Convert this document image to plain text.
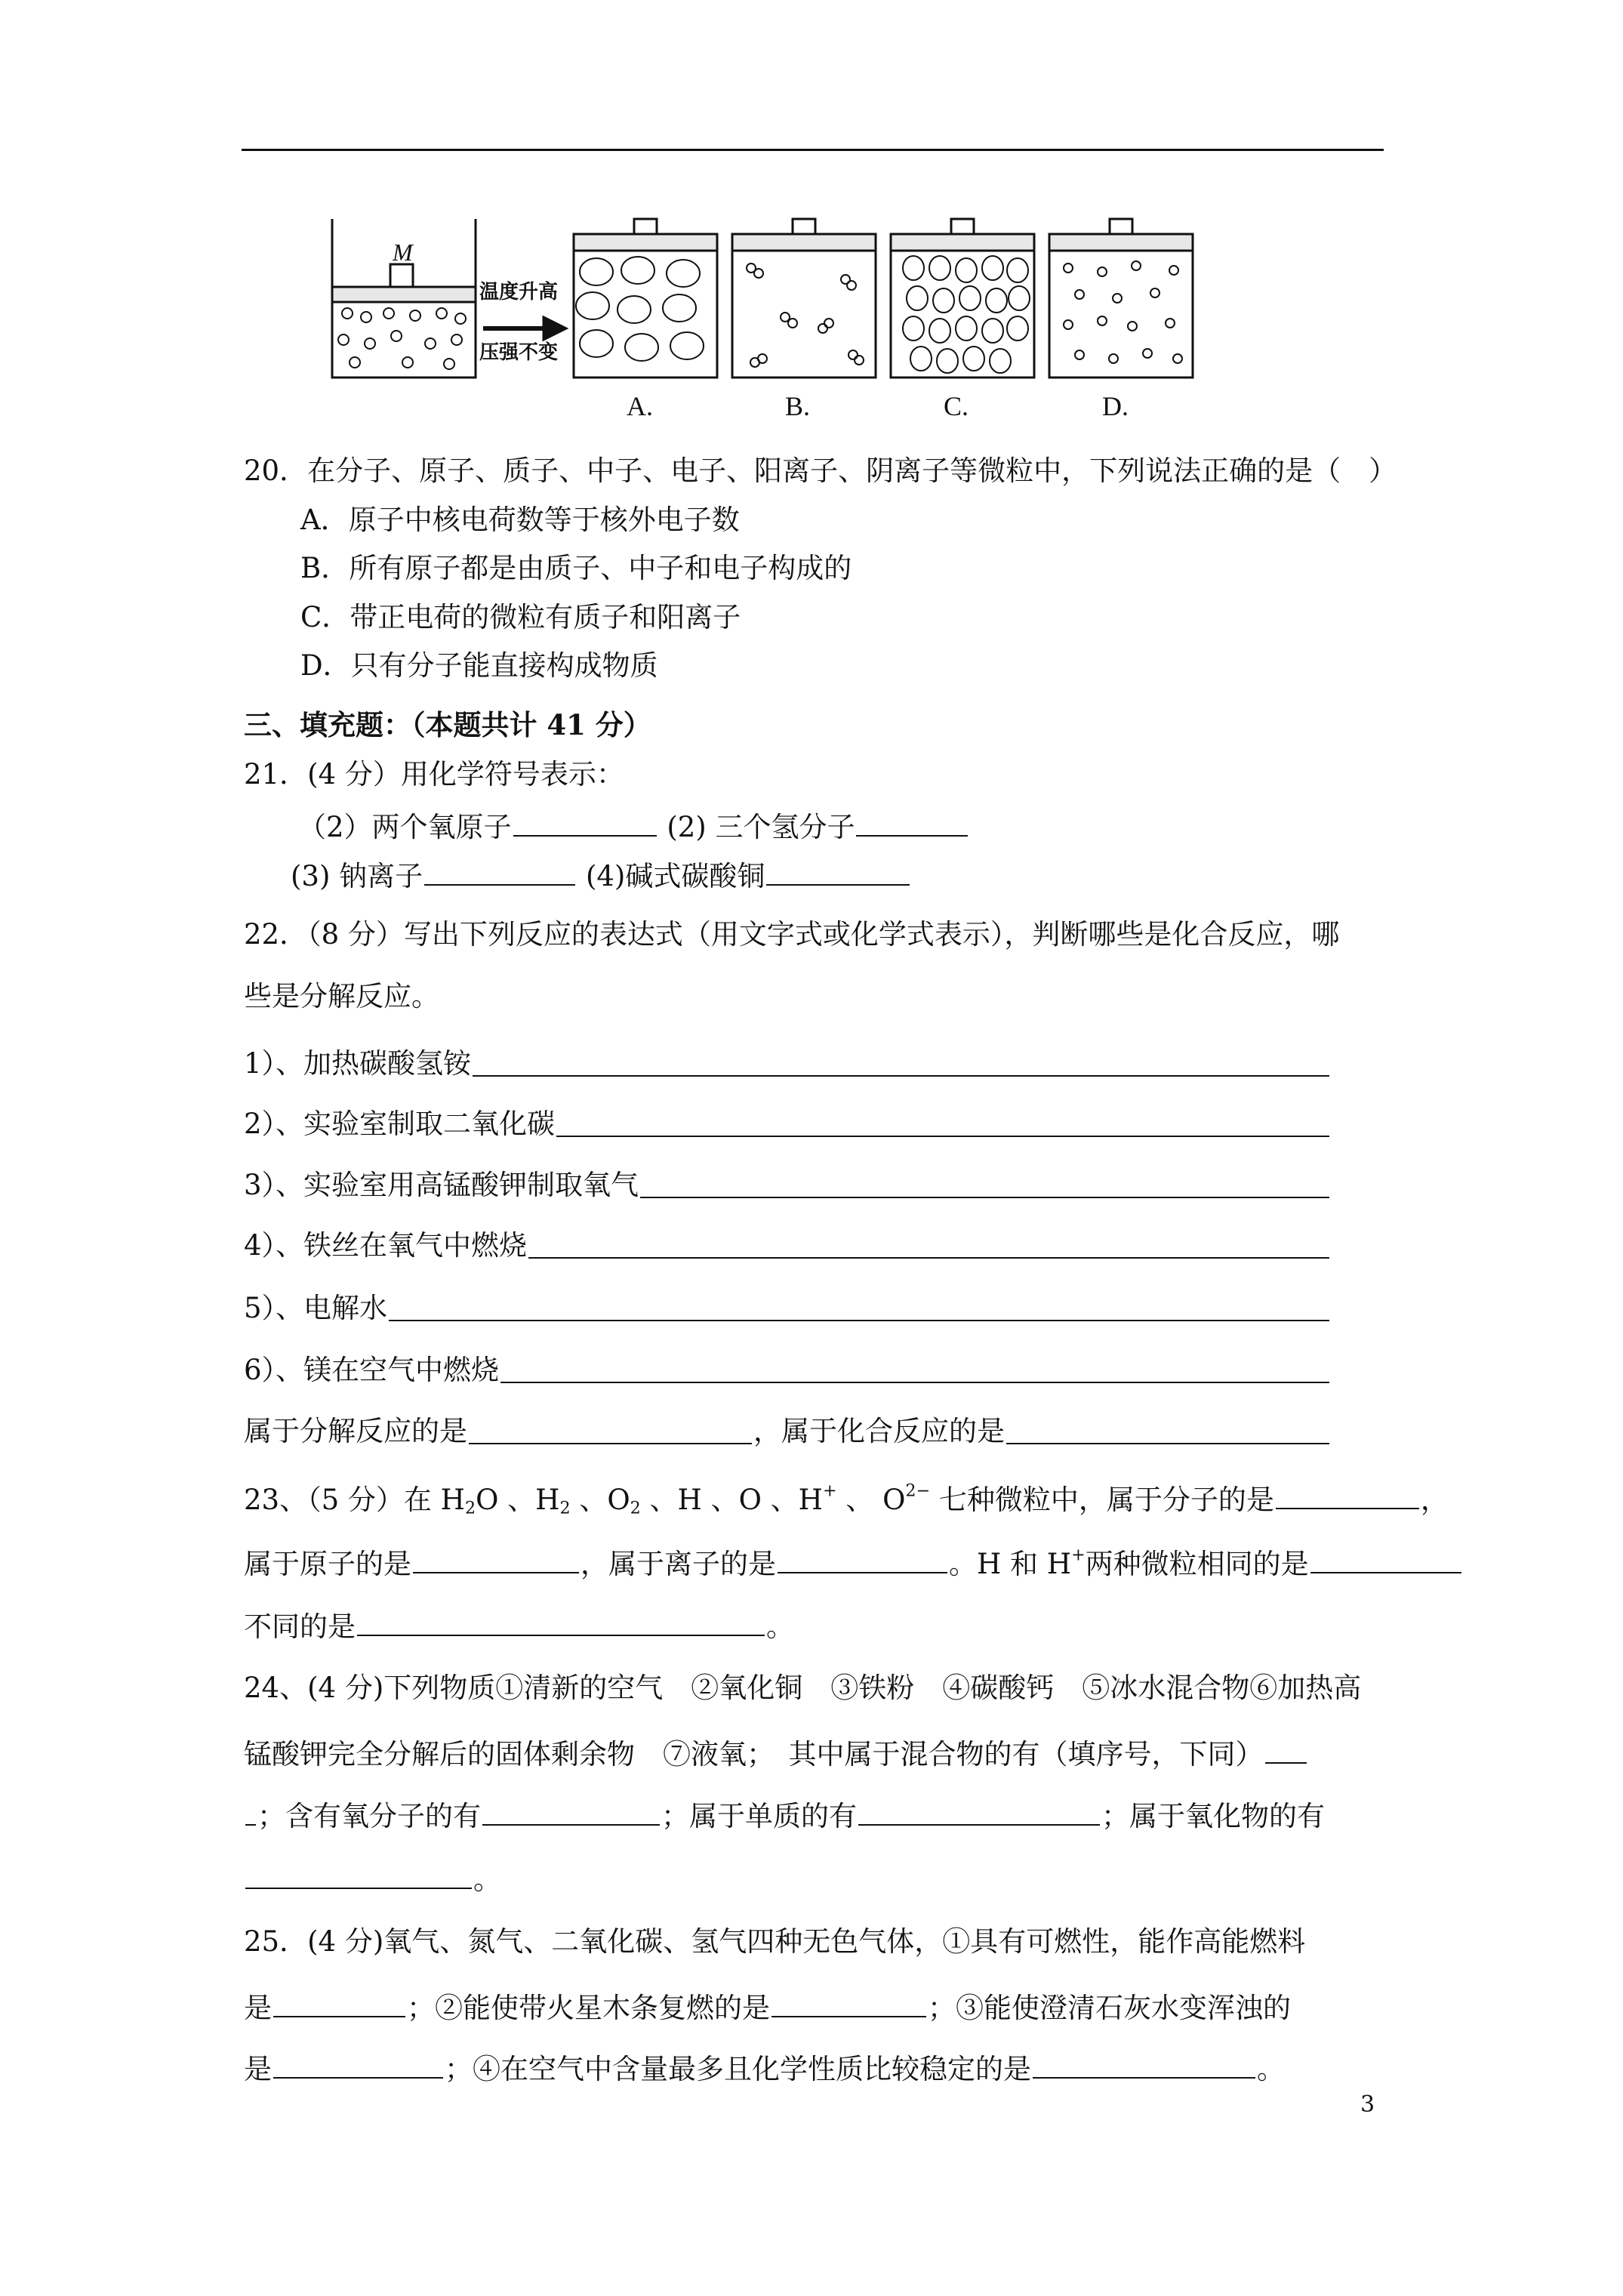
M
温度升高
压强不变
A.	B.	C.	D.
20．在分子、原子、质子、中子、电子、阳离子、阴离子等微粒中，下列说法正确的是（　）
A．原子中核电荷数等于核外电子数
B．所有原子都是由质子、中子和电子构成的
C．带正电荷的微粒有质子和阳离子
D．只有分子能直接构成物质
三、填充题：（本题共计 41 分）
21．(4 分）用化学符号表示：
（2）两个氧原子	(2) 三个氢分子
(3) 钠离子	(4)碱式碳酸铜
22．（8 分）写出下列反应的表达式（用文字式或化学式表示），判断哪些是化合反应，哪
些是分解反应。
1）、加热碳酸氢铵
2）、实验室制取二氧化碳
3）、实验室用高锰酸钾制取氧气
4）、铁丝在氧气中燃烧
5）、电解水
6）、镁在空气中燃烧
属于分解反应的是	，属于化合反应的是
23、（5 分）在 $H_2O$ 、$H_2$ 、$O_2$ 、H 、O 、H+ 、 $O^{2-}$ 七种微粒中，属于分子的是	，
属于原子的是	，属于离子的是	。H 和 H+两种微粒相同的是
不同的是	。
24、(4 分)下列物质①清新的空气　②氧化铜　③铁粉　④碳酸钙　⑤冰水混合物⑥加热高
锰酸钾完全分解后的固体剩余物　⑦液氧；　其中属于混合物的有（填序号，下同）
；含有氧分子的有	；属于单质的有	；属于氧化物的有
。
25．(4 分)氧气、氮气、二氧化碳、氢气四种无色气体，①具有可燃性，能作高能燃料
是	；②能使带火星木条复燃的是	；③能使澄清石灰水变浑浊的
是	；④在空气中含量最多且化学性质比较稳定的是	。
3
